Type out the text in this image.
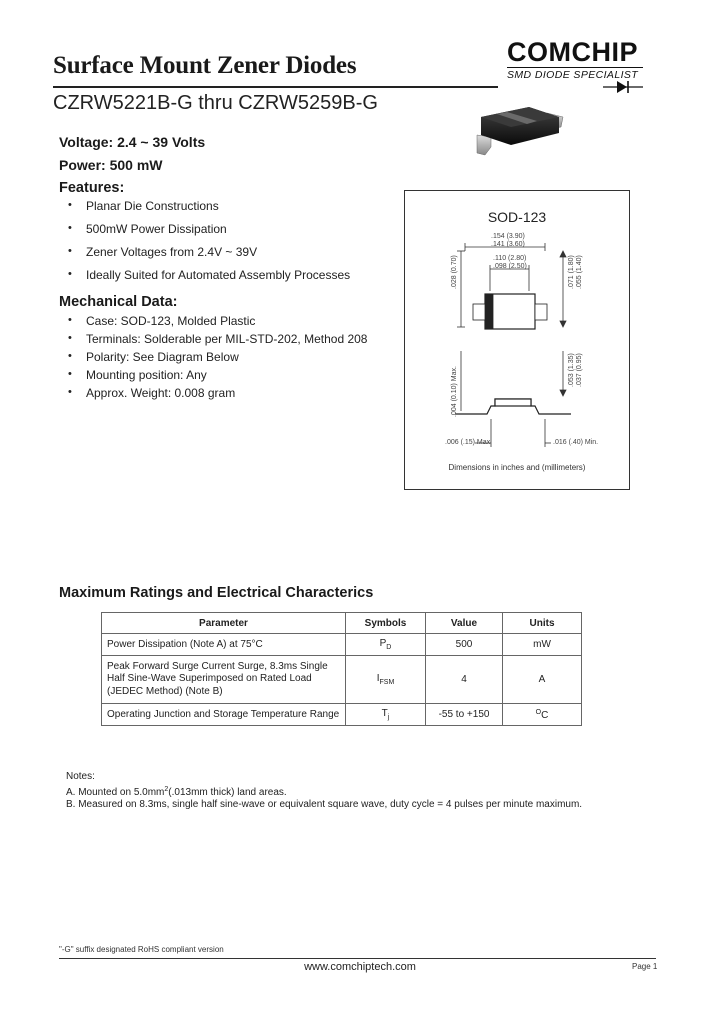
Surface Mount Zener Diodes	COMCHIP
SMD DIODE SPECIALIST
CZRW5221B-G thru CZRW5259B-G
Voltage: 2.4 ~ 39 Volts
Power: 500 mW
Features:
• Planar Die Constructions
• 500mW Power Dissipation
• Zener Voltages from 2.4V ~ 39V
• Ideally Suited for Automated Assembly Processes
Mechanical Data:
• Case: SOD-123, Molded Plastic
• Terminals: Solderable per MIL-STD-202, Method 208
• Polarity: See Diagram Below
• Mounting position: Any
• Approx. Weight: 0.008 gram
SOD-123
.154 (3.90)
.141 (3.60)
.110 (2.80)
.098 (2.50)
.028 (0.70)	.071 (1.80) .055 (1.40)
.004 (0.10) Max.	.053 (1.35) .037 (0.95)
.006 (.15) Max	.016 (.40) Min.
Dimensions in inches and (millimeters)
Maximum Ratings and Electrical Characterics
Parameter	Symbols	Value	Units
Power Dissipation (Note A) at 75°C	$P_D$	500	mW

Peak Forward Surge Current Surge, 8.3ms Single
Half Sine-Wave Superimposed on Rated Load
(JEDEC Method) (Note B)	$I_{FSM}$	4	A
Operating Junction and Storage Temperature Range	$T_j$	-55 to +150	$^O$C
Notes:
A. Mounted on $5.0mm^2(.013mm$ thick) land areas.
B. Measured on 8.3ms, single half sine-wave or equivalent square wave, duty cycle = 4 pulses per minute maximum.
"-G" suffix designated RoHS compliant version
www.comchiptech.com	Page 1
